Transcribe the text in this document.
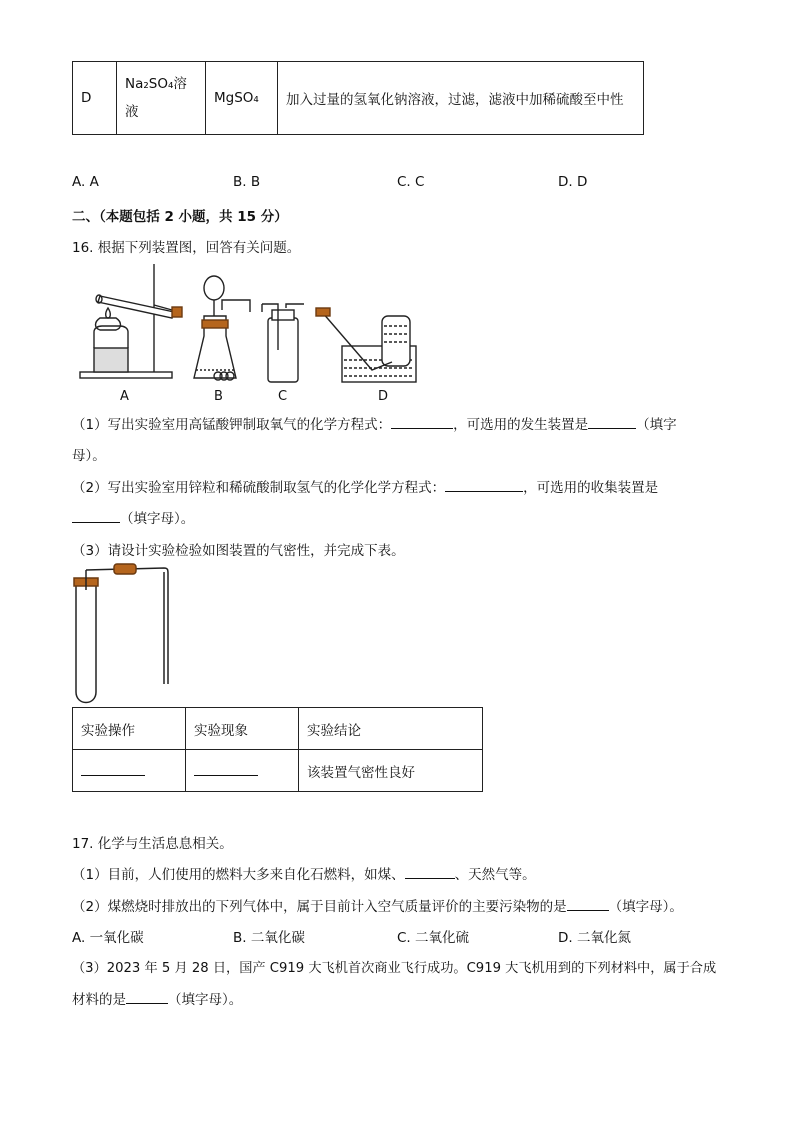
D	Na₂SO₄溶液	MgSO₄	加入过量的氢氧化钠溶液，过滤，滤液中加稀硫酸至中性
A. A	B. B	C. C	D. D
二、（本题包括 2 小题，共 15 分）
16. 根据下列装置图，回答有关问题。
A	B	C	D
（1）写出实验室用高锰酸钾制取氧气的化学方程式：	，可选用的发生装置是	（填字
母）。
（2）写出实验室用锌粒和稀硫酸制取氢气的化学化学方程式：	，可选用的收集装置是
（填字母）。
（3）请设计实验检验如图装置的气密性，并完成下表。
实验操作	实验现象	实验结论
		该装置气密性良好
17. 化学与生活息息相关。
（1）目前，人们使用的燃料大多来自化石燃料，如煤、	、天然气等。
（2）煤燃烧时排放出的下列气体中，属于目前计入空气质量评价的主要污染物的是	（填字母）。
A. 一氧化碳	B. 二氧化碳	C. 二氧化硫	D. 二氧化氮
（3）2023 年 5 月 28 日，国产 C919 大飞机首次商业飞行成功。C919 大飞机用到的下列材料中，属于合成
材料的是	（填字母）。
